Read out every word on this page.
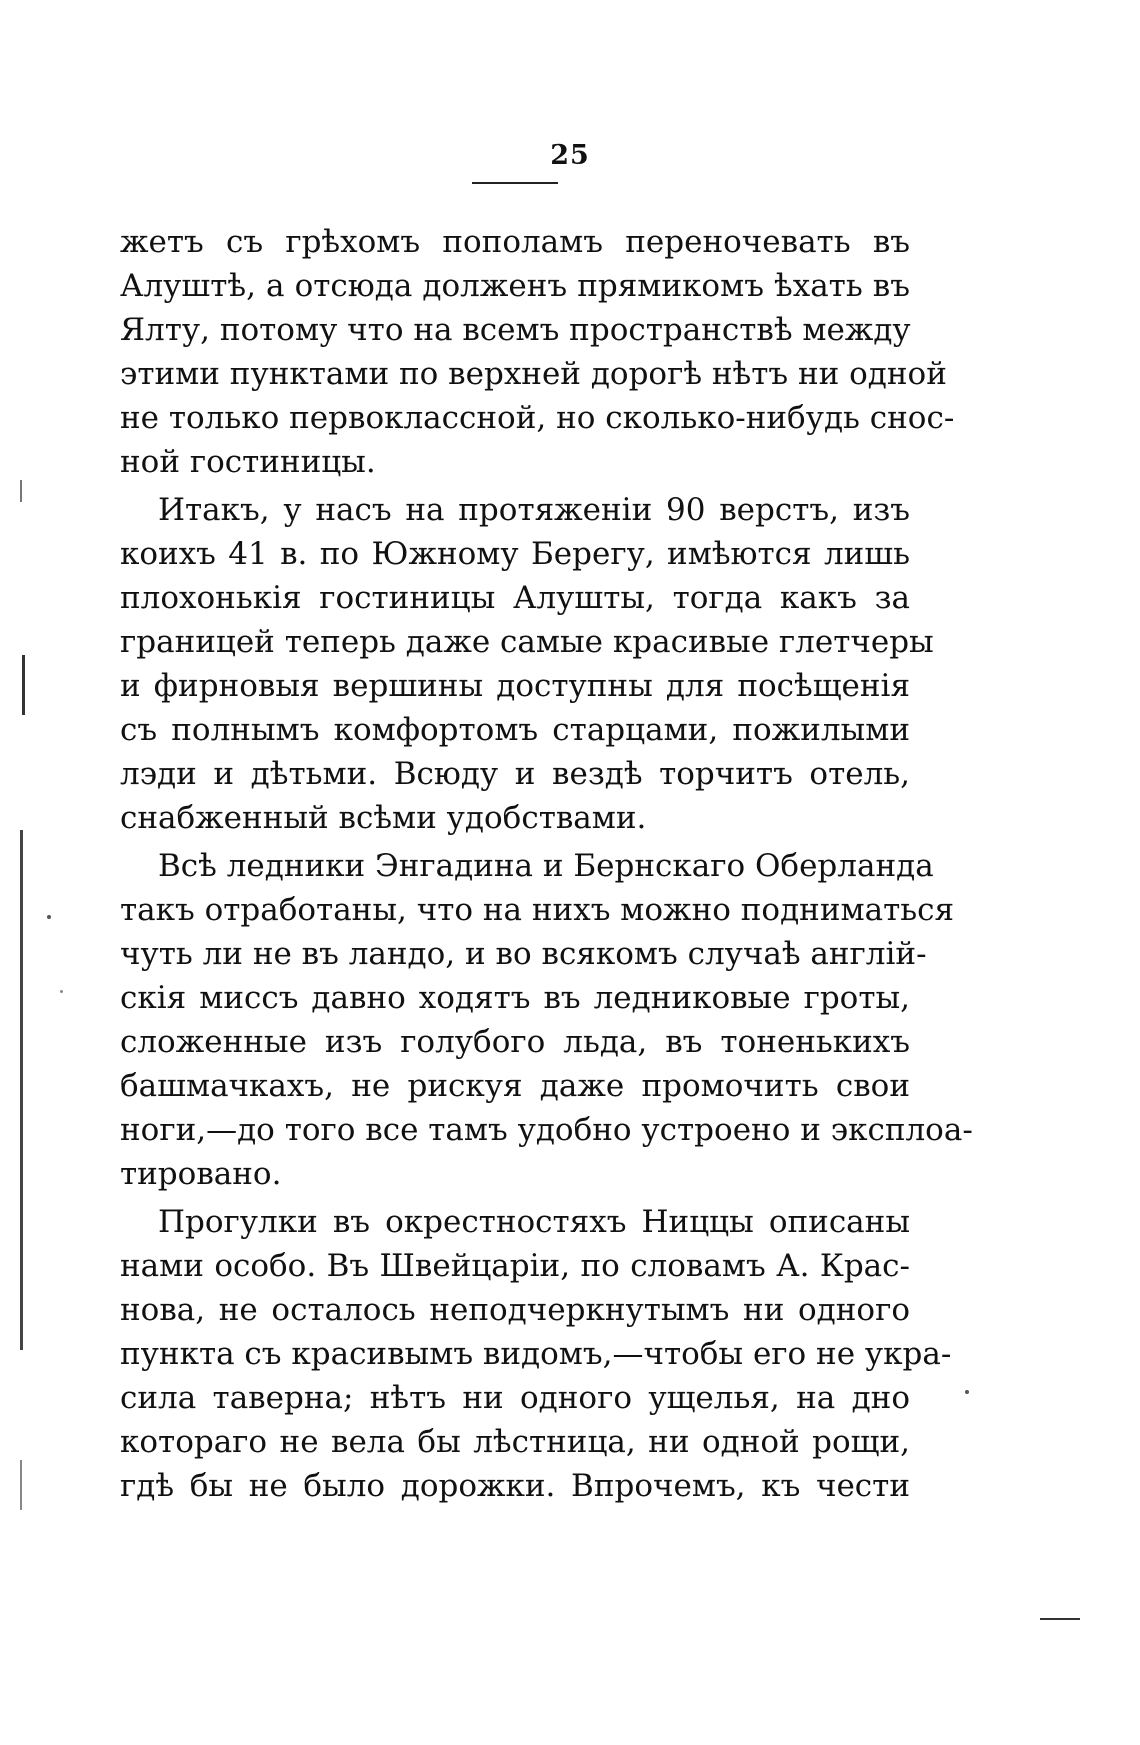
25
жетъ съ грѣхомъ пополамъ переночевать въ
Алуштѣ, а отсюда долженъ прямикомъ ѣхать въ
Ялту, потому что на всемъ пространствѣ между
этими пунктами по верхней дорогѣ нѣтъ ни одной
не только первоклассной, но сколько-нибудь снос-
ной гостиницы.
Итакъ, у насъ на протяженіи 90 верстъ, изъ
коихъ 41 в. по Южному Берегу, имѣются лишь
плохонькія гостиницы Алушты, тогда какъ за
границей теперь даже самые красивые глетчеры
и фирновыя вершины доступны для посѣщенія
съ полнымъ комфортомъ старцами, пожилыми
лэди и дѣтьми. Всюду и вездѣ торчитъ отель,
снабженный всѣми удобствами.
Всѣ ледники Энгадина и Бернскаго Оберланда
такъ отработаны, что на нихъ можно подниматься
чуть ли не въ ландо, и во всякомъ случаѣ англій-
скія миссъ давно ходятъ въ ледниковые гроты,
сложенные изъ голубого льда, въ тоненькихъ
башмачкахъ, не рискуя даже промочить свои
ноги,—до того все тамъ удобно устроено и эксплоа-
тировано.
Прогулки въ окрестностяхъ Ниццы описаны
нами особо. Въ Швейцаріи, по словамъ А. Крас-
нова, не осталось неподчеркнутымъ ни одного
пункта съ красивымъ видомъ,—чтобы его не укра-
сила таверна; нѣтъ ни одного ущелья, на дно
котораго не вела бы лѣстница, ни одной рощи,
гдѣ бы не было дорожки. Впрочемъ, къ чести
